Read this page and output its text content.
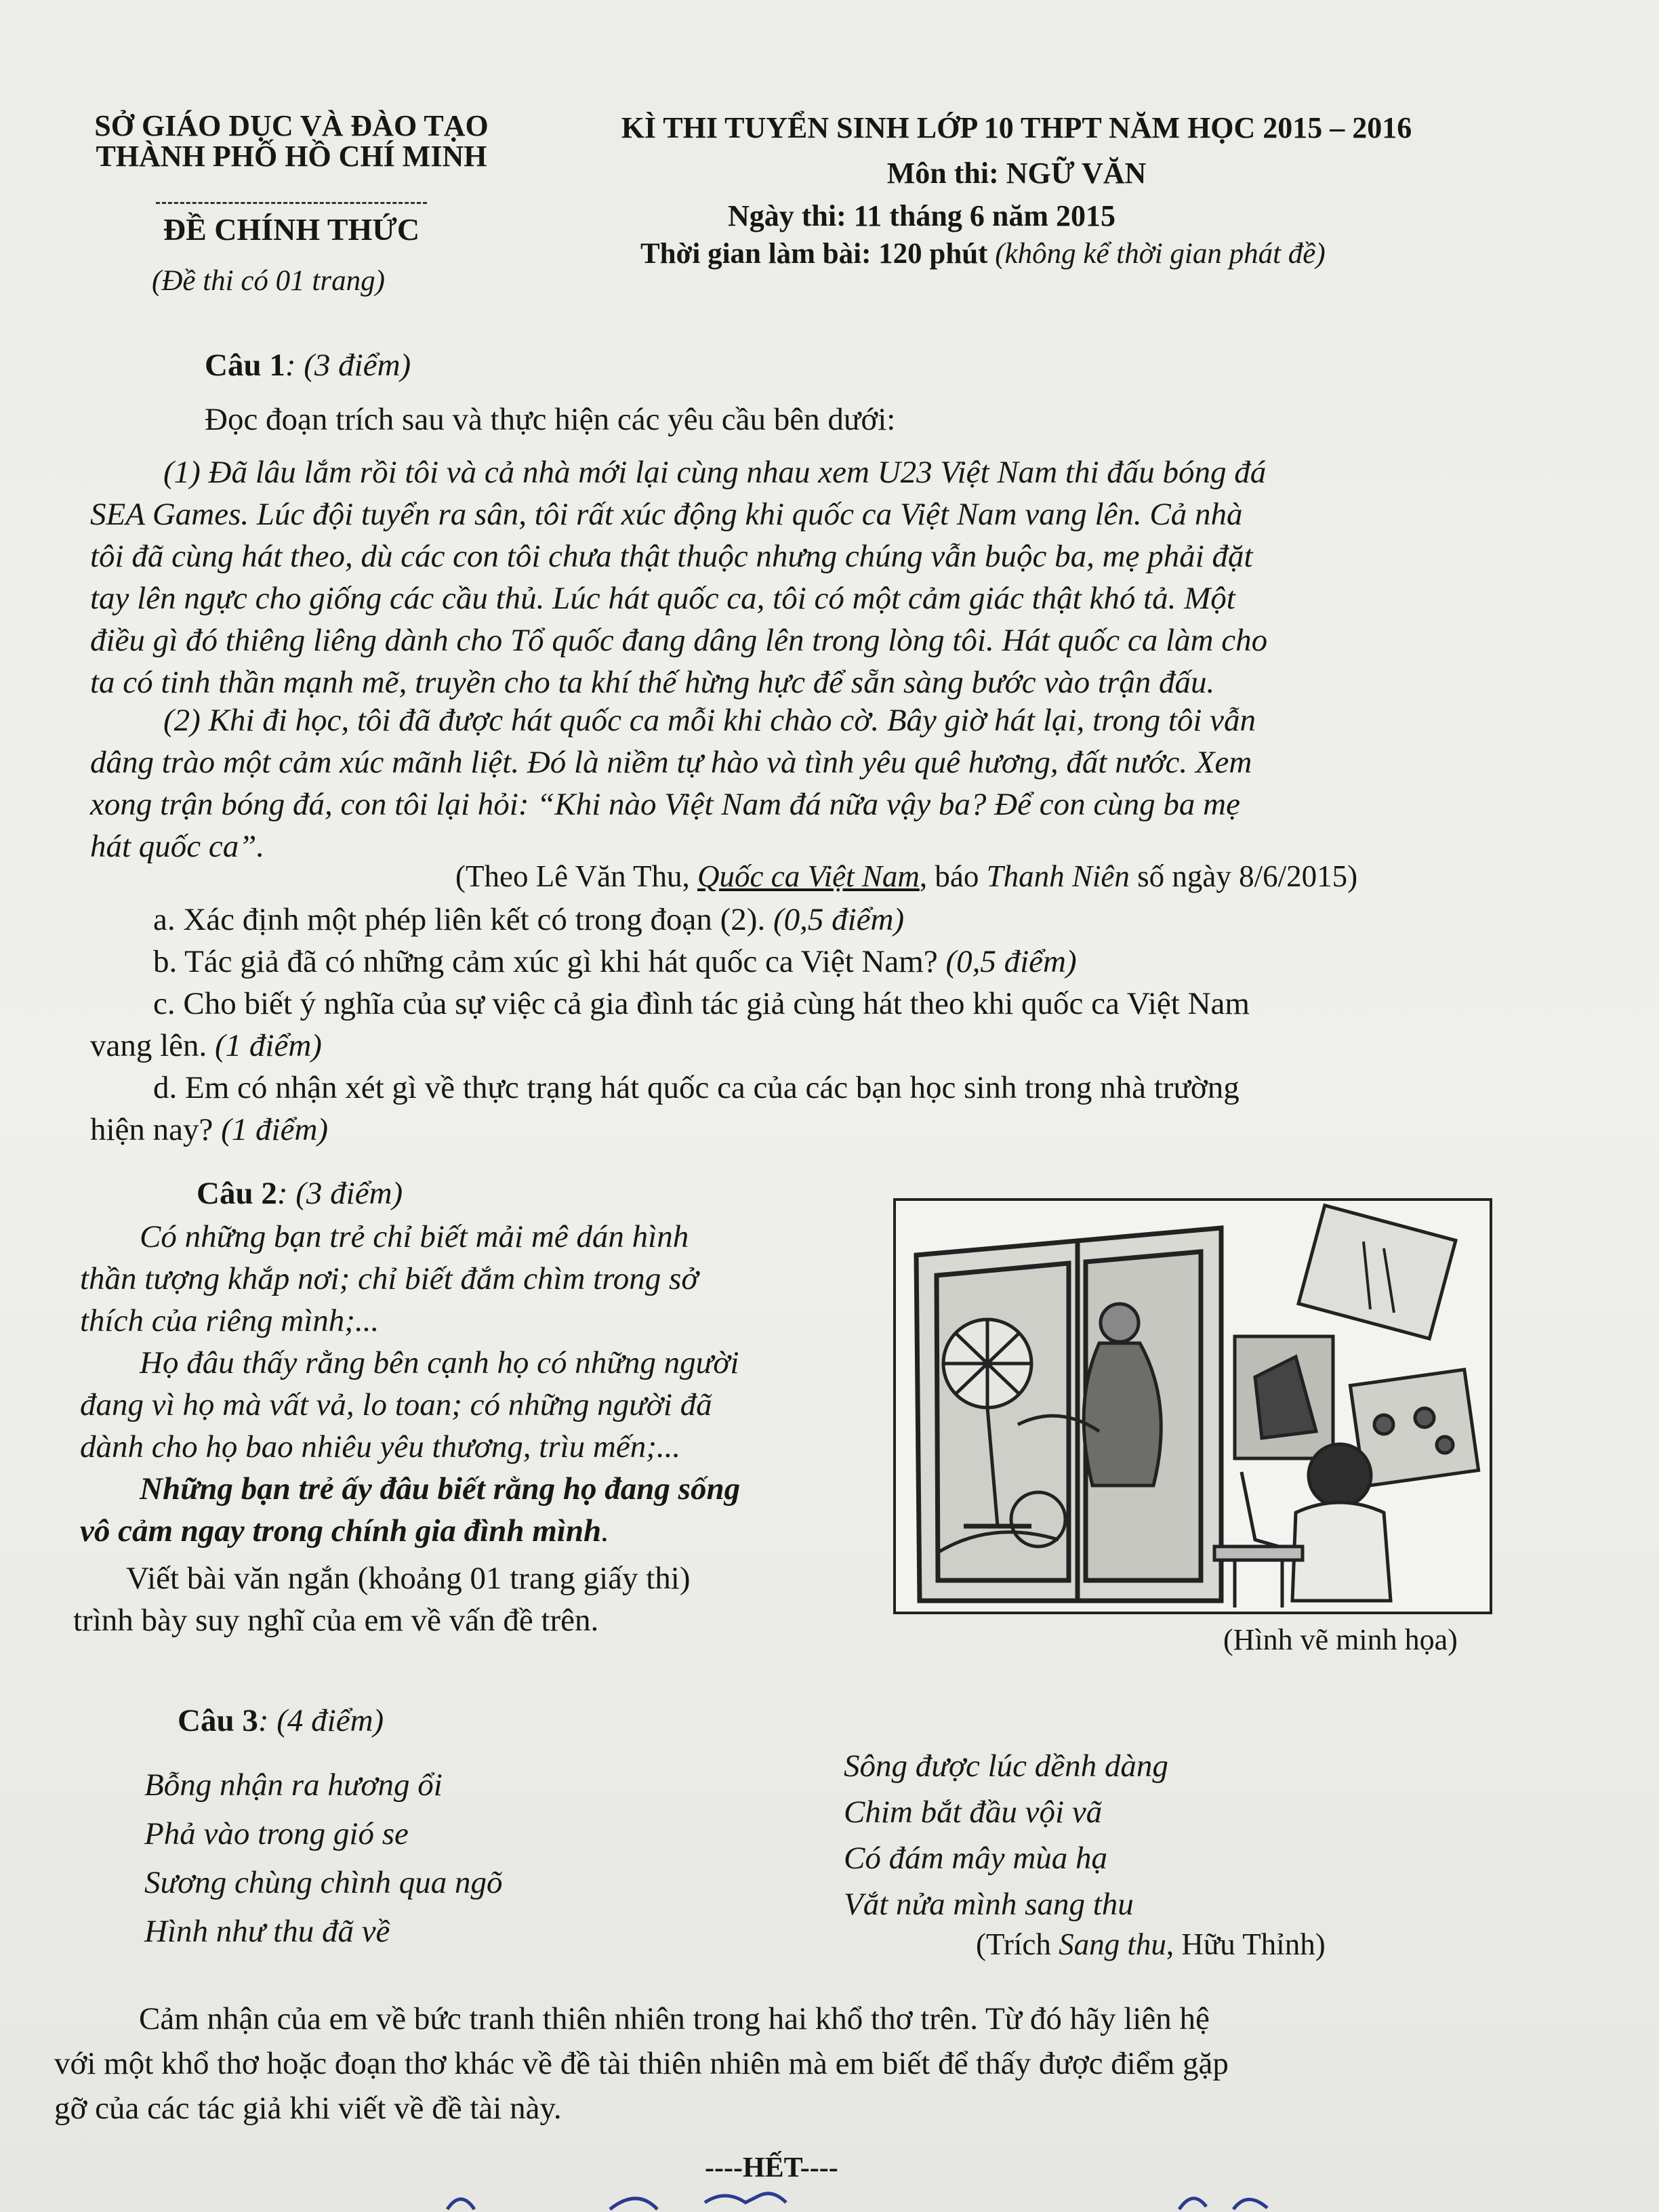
SỞ GIÁO DỤC VÀ ĐÀO TẠO
THÀNH PHỐ HỒ CHÍ MINH
ĐỀ CHÍNH THỨC
(Đề thi có 01 trang)
KÌ THI TUYỂN SINH LỚP 10 THPT NĂM HỌC 2015 – 2016
Môn thi: NGỮ VĂN
Ngày thi: 11 tháng 6 năm 2015
Thời gian làm bài: 120 phút (không kể thời gian phát đề)
Câu 1: (3 điểm)
Đọc đoạn trích sau và thực hiện các yêu cầu bên dưới:
(1) Đã lâu lắm rồi tôi và cả nhà mới lại cùng nhau xem U23 Việt Nam thi đấu bóng đá
SEA Games. Lúc đội tuyển ra sân, tôi rất xúc động khi quốc ca Việt Nam vang lên. Cả nhà
tôi đã cùng hát theo, dù các con tôi chưa thật thuộc nhưng chúng vẫn buộc ba, mẹ phải đặt
tay lên ngực cho giống các cầu thủ. Lúc hát quốc ca, tôi có một cảm giác thật khó tả. Một
điều gì đó thiêng liêng dành cho Tổ quốc đang dâng lên trong lòng tôi. Hát quốc ca làm cho
ta có tinh thần mạnh mẽ, truyền cho ta khí thế hừng hực để sẵn sàng bước vào trận đấu.
(2) Khi đi học, tôi đã được hát quốc ca mỗi khi chào cờ. Bây giờ hát lại, trong tôi vẫn
dâng trào một cảm xúc mãnh liệt. Đó là niềm tự hào và tình yêu quê hương, đất nước. Xem
xong trận bóng đá, con tôi lại hỏi: “Khi nào Việt Nam đá nữa vậy ba? Để con cùng ba mẹ
hát quốc ca”.
(Theo Lê Văn Thu, Quốc ca Việt Nam, báo Thanh Niên số ngày 8/6/2015)
a. Xác định một phép liên kết có trong đoạn (2). (0,5 điểm)
b. Tác giả đã có những cảm xúc gì khi hát quốc ca Việt Nam? (0,5 điểm)
c. Cho biết ý nghĩa của sự việc cả gia đình tác giả cùng hát theo khi quốc ca Việt Nam
vang lên. (1 điểm)
d. Em có nhận xét gì về thực trạng hát quốc ca của các bạn học sinh trong nhà trường
hiện nay? (1 điểm)
Câu 2: (3 điểm)
Có những bạn trẻ chỉ biết mải mê dán hình
thần tượng khắp nơi; chỉ biết đắm chìm trong sở
thích của riêng mình;...
Họ đâu thấy rằng bên cạnh họ có những người
đang vì họ mà vất vả, lo toan; có những người đã
dành cho họ bao nhiêu yêu thương, trìu mến;...
Những bạn trẻ ấy đâu biết rằng họ đang sống
vô cảm ngay trong chính gia đình mình.
Viết bài văn ngắn (khoảng 01 trang giấy thi)
trình bày suy nghĩ của em về vấn đề trên.
(Hình vẽ minh họa)
Câu 3: (4 điểm)
Bỗng nhận ra hương ổi
Phả vào trong gió se
Sương chùng chình qua ngõ
Hình như thu đã về
Sông được lúc dềnh dàng
Chim bắt đầu vội vã
Có đám mây mùa hạ
Vắt nửa mình sang thu
(Trích Sang thu, Hữu Thỉnh)
Cảm nhận của em về bức tranh thiên nhiên trong hai khổ thơ trên. Từ đó hãy liên hệ
với một khổ thơ hoặc đoạn thơ khác về đề tài thiên nhiên mà em biết để thấy được điểm gặp
gỡ của các tác giả khi viết về đề tài này.
----HẾT----
